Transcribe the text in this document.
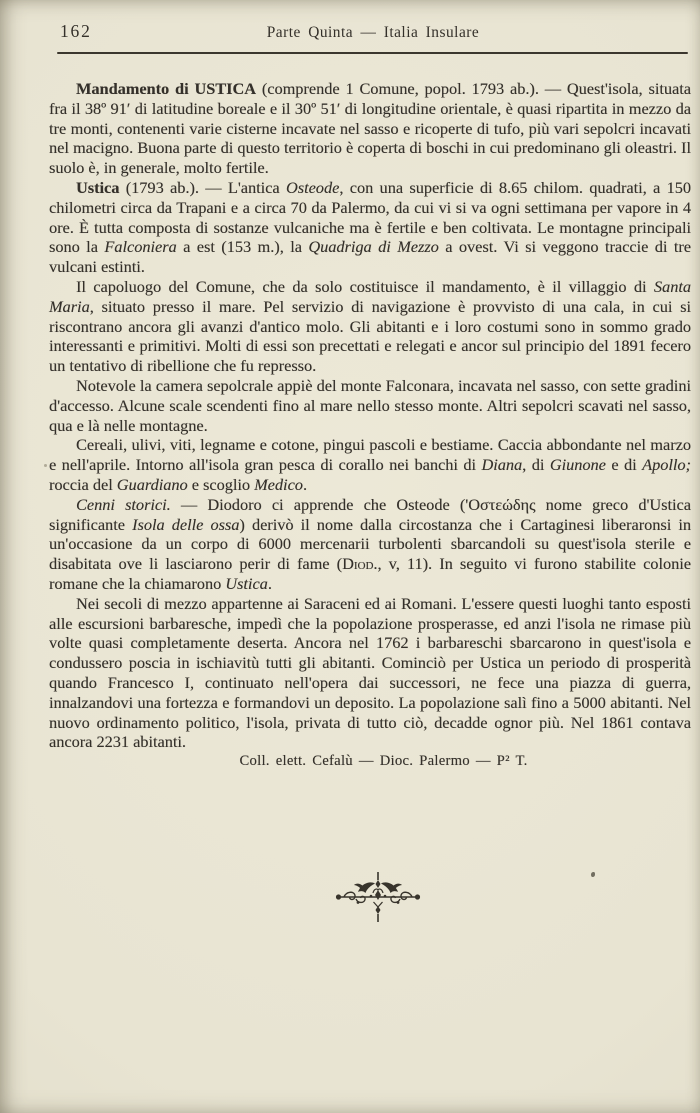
162	Parte Quinta — Italia Insulare

Mandamento di USTICA (comprende 1 Comune, popol. 1793 ab.). — Quest'isola, situata fra il 38º 91′ di latitudine boreale e il 30º 51′ di longitudine orientale, è quasi ripartita in mezzo da tre monti, contenenti varie cisterne incavate nel sasso e ricoperte di tufo, più vari sepolcri incavati nel macigno. Buona parte di questo territorio è coperta di boschi in cui predominano gli oleastri. Il suolo è, in generale, molto fertile.

Ustica (1793 ab.). — L'antica Osteode, con una superficie di 8.65 chilom. quadrati, a 150 chilometri circa da Trapani e a circa 70 da Palermo, da cui vi si va ogni settimana per vapore in 4 ore. È tutta composta di sostanze vulcaniche ma è fertile e ben coltivata. Le montagne principali sono la Falconiera a est (153 m.), la Quadriga di Mezzo a ovest. Vi si veggono traccie di tre vulcani estinti.

Il capoluogo del Comune, che da solo costituisce il mandamento, è il villaggio di Santa Maria, situato presso il mare. Pel servizio di navigazione è provvisto di una cala, in cui si riscontrano ancora gli avanzi d'antico molo. Gli abitanti e i loro costumi sono in sommo grado interessanti e primitivi. Molti di essi son precettati e relegati e ancor sul principio del 1891 fecero un tentativo di ribellione che fu represso.

Notevole la camera sepolcrale appiè del monte Falconara, incavata nel sasso, con sette gradini d'accesso. Alcune scale scendenti fino al mare nello stesso monte. Altri sepolcri scavati nel sasso, qua e là nelle montagne.

Cereali, ulivi, viti, legname e cotone, pingui pascoli e bestiame. Caccia abbondante nel marzo e nell'aprile. Intorno all'isola gran pesca di corallo nei banchi di Diana, di Giunone e di Apollo; roccia del Guardiano e scoglio Medico.

Cenni storici. — Diodoro ci apprende che Osteode ('Οστεώδης nome greco d'Ustica significante Isola delle ossa) derivò il nome dalla circostanza che i Cartaginesi liberaronsi in un'occasione da un corpo di 6000 mercenarii turbolenti sbarcandoli su quest'isola sterile e disabitata ove li lasciarono perir di fame (Diod., v, 11). In seguito vi furono stabilite colonie romane che la chiamarono Ustica.

Nei secoli di mezzo appartenne ai Saraceni ed ai Romani. L'essere questi luoghi tanto esposti alle escursioni barbaresche, impedì che la popolazione prosperasse, ed anzi l'isola ne rimase più volte quasi completamente deserta. Ancora nel 1762 i barbareschi sbarcarono in quest'isola e condussero poscia in ischiavitù tutti gli abitanti. Cominciò per Ustica un periodo di prosperità quando Francesco I, continuato nell'opera dai successori, ne fece una piazza di guerra, innalzandovi una fortezza e formandovi un deposito. La popolazione salì fino a 5000 abitanti. Nel nuovo ordinamento politico, l'isola, privata di tutto ciò, decadde ognor più. Nel 1861 contava ancora 2231 abitanti.

Coll. elett. Cefalù — Dioc. Palermo — P² T.
